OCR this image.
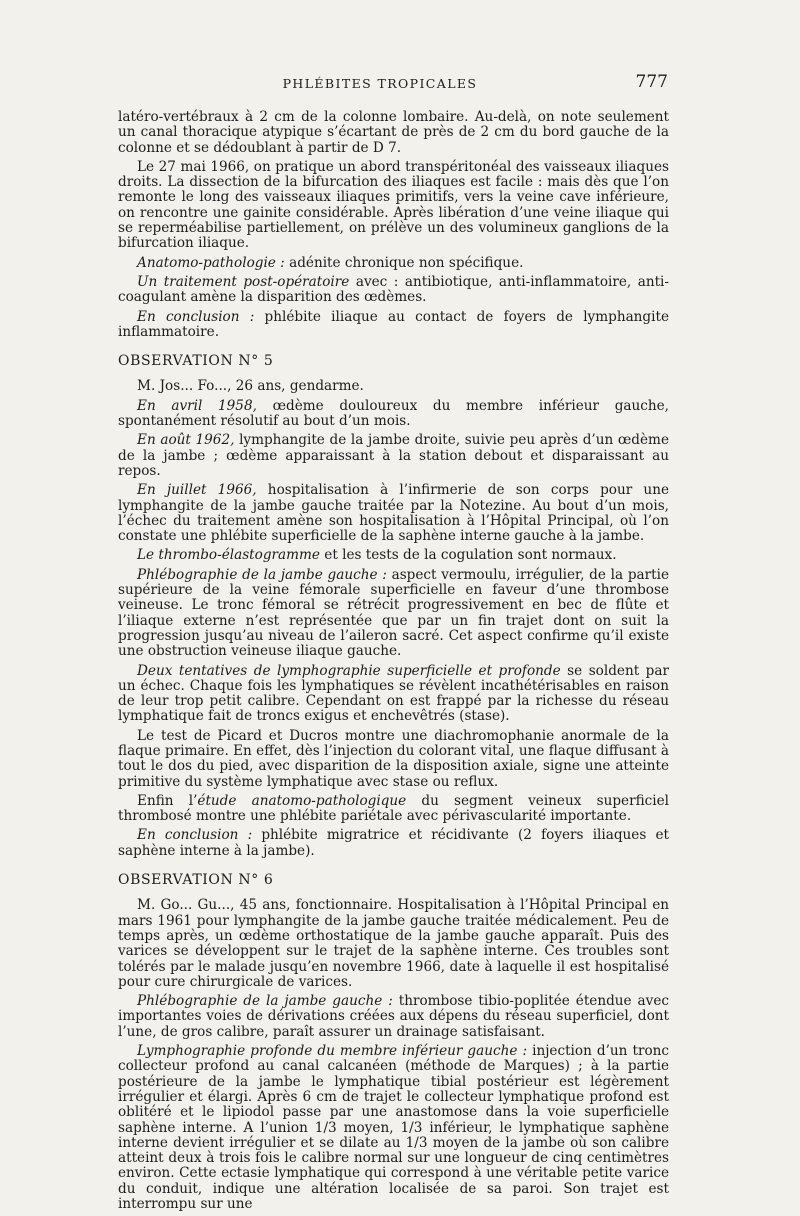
PHLÉBITES TROPICALES	777

latéro-vertébraux à 2 cm de la colonne lombaire. Au-delà, on note seulement un canal thoracique atypique s’écartant de près de 2 cm du bord gauche de la colonne et se dédoublant à partir de D 7.

Le 27 mai 1966, on pratique un abord transpéritonéal des vaisseaux iliaques droits. La dissection de la bifurcation des iliaques est facile : mais dès que l’on remonte le long des vaisseaux iliaques primitifs, vers la veine cave inférieure, on rencontre une gainite considérable. Après libération d’une veine iliaque qui se reperméabilise partiellement, on prélève un des volumineux ganglions de la bifurcation iliaque.

Anatomo-pathologie : adénite chronique non spécifique.

Un traitement post-opératoire avec : antibiotique, anti-inflammatoire, anti-coagulant amène la disparition des œdèmes.

En conclusion : phlébite iliaque au contact de foyers de lymphangite inflammatoire.

OBSERVATION N° 5

M. Jos... Fo..., 26 ans, gendarme.

En avril 1958, œdème douloureux du membre inférieur gauche, spontanément résolutif au bout d’un mois.

En août 1962, lymphangite de la jambe droite, suivie peu après d’un œdème de la jambe ; œdème apparaissant à la station debout et disparaissant au repos.

En juillet 1966, hospitalisation à l’infirmerie de son corps pour une lymphangite de la jambe gauche traitée par la Notezine. Au bout d’un mois, l’échec du traitement amène son hospitalisation à l’Hôpital Principal, où l’on constate une phlébite superficielle de la saphène interne gauche à la jambe.

Le thrombo-élastogramme et les tests de la cogulation sont normaux.

Phlébographie de la jambe gauche : aspect vermoulu, irrégulier, de la partie supérieure de la veine fémorale superficielle en faveur d’une thrombose veineuse. Le tronc fémoral se rétrécit progressivement en bec de flûte et l’iliaque externe n’est représentée que par un fin trajet dont on suit la progression jusqu’au niveau de l’aileron sacré. Cet aspect confirme qu’il existe une obstruction veineuse iliaque gauche.

Deux tentatives de lymphographie superficielle et profonde se soldent par un échec. Chaque fois les lymphatiques se révèlent incathétérisables en raison de leur trop petit calibre. Cependant on est frappé par la richesse du réseau lymphatique fait de troncs exigus et enchevêtrés (stase).

Le test de Picard et Ducros montre une diachromophanie anormale de la flaque primaire. En effet, dès l’injection du colorant vital, une flaque diffusant à tout le dos du pied, avec disparition de la disposition axiale, signe une atteinte primitive du système lymphatique avec stase ou reflux.

Enfin l’étude anatomo-pathologique du segment veineux superficiel thrombosé montre une phlébite pariétale avec périvascularité importante.

En conclusion : phlébite migratrice et récidivante (2 foyers iliaques et saphène interne à la jambe).

OBSERVATION N° 6

M. Go... Gu..., 45 ans, fonctionnaire. Hospitalisation à l’Hôpital Principal en mars 1961 pour lymphangite de la jambe gauche traitée médicalement. Peu de temps après, un œdème orthostatique de la jambe gauche apparaît. Puis des varices se développent sur le trajet de la saphène interne. Ces troubles sont tolérés par le malade jusqu’en novembre 1966, date à laquelle il est hospitalisé pour cure chirurgicale de varices.

Phlébographie de la jambe gauche : thrombose tibio-poplitée étendue avec importantes voies de dérivations créées aux dépens du réseau superficiel, dont l’une, de gros calibre, paraît assurer un drainage satisfaisant.

Lymphographie profonde du membre inférieur gauche : injection d’un tronc collecteur profond au canal calcanéen (méthode de Marques) ; à la partie postérieure de la jambe le lymphatique tibial postérieur est légèrement irrégulier et élargi. Après 6 cm de trajet le collecteur lymphatique profond est oblitéré et le lipiodol passe par une anastomose dans la voie superficielle saphène interne. A l’union 1/3 moyen, 1/3 inférieur, le lymphatique saphène interne devient irrégulier et se dilate au 1/3 moyen de la jambe où son calibre atteint deux à trois fois le calibre normal sur une longueur de cinq centimètres environ. Cette ectasie lymphatique qui correspond à une véritable petite varice du conduit, indique une altération localisée de sa paroi. Son trajet est interrompu sur une
